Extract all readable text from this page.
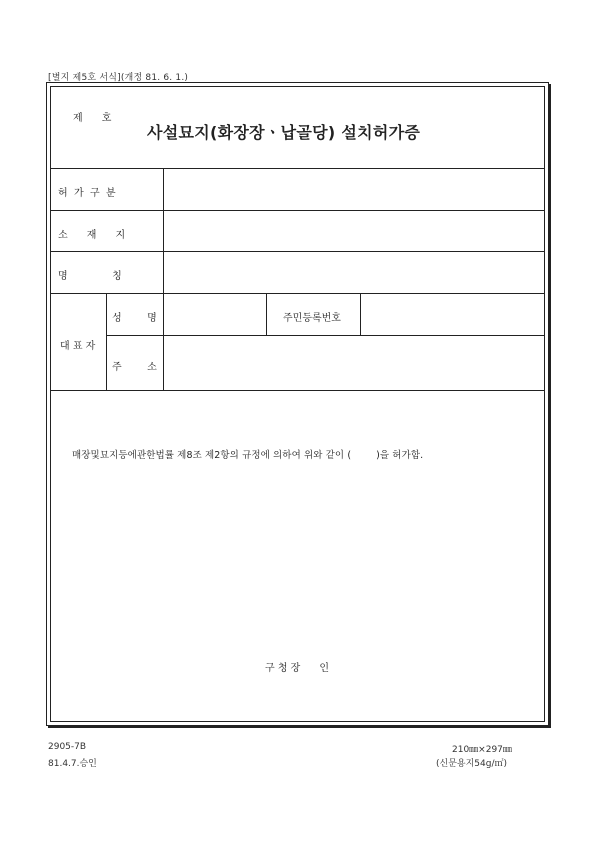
[별지 제5호 서식](개정 81. 6. 1.)
제      호
사설묘지(화장장ㆍ납골당) 설치허가증
허  가  구  분
소      재      지
명              칭
대 표 자
성        명	주민등록번호
주        소
매장및묘지등에관한법률 제8조 제2항의 규정에 의하여 위와 같이 (        )을 허가함.
구 청 장      인
2905-7B
81.4.7.승인
210㎜×297㎜
(신문용지54g/㎡)
